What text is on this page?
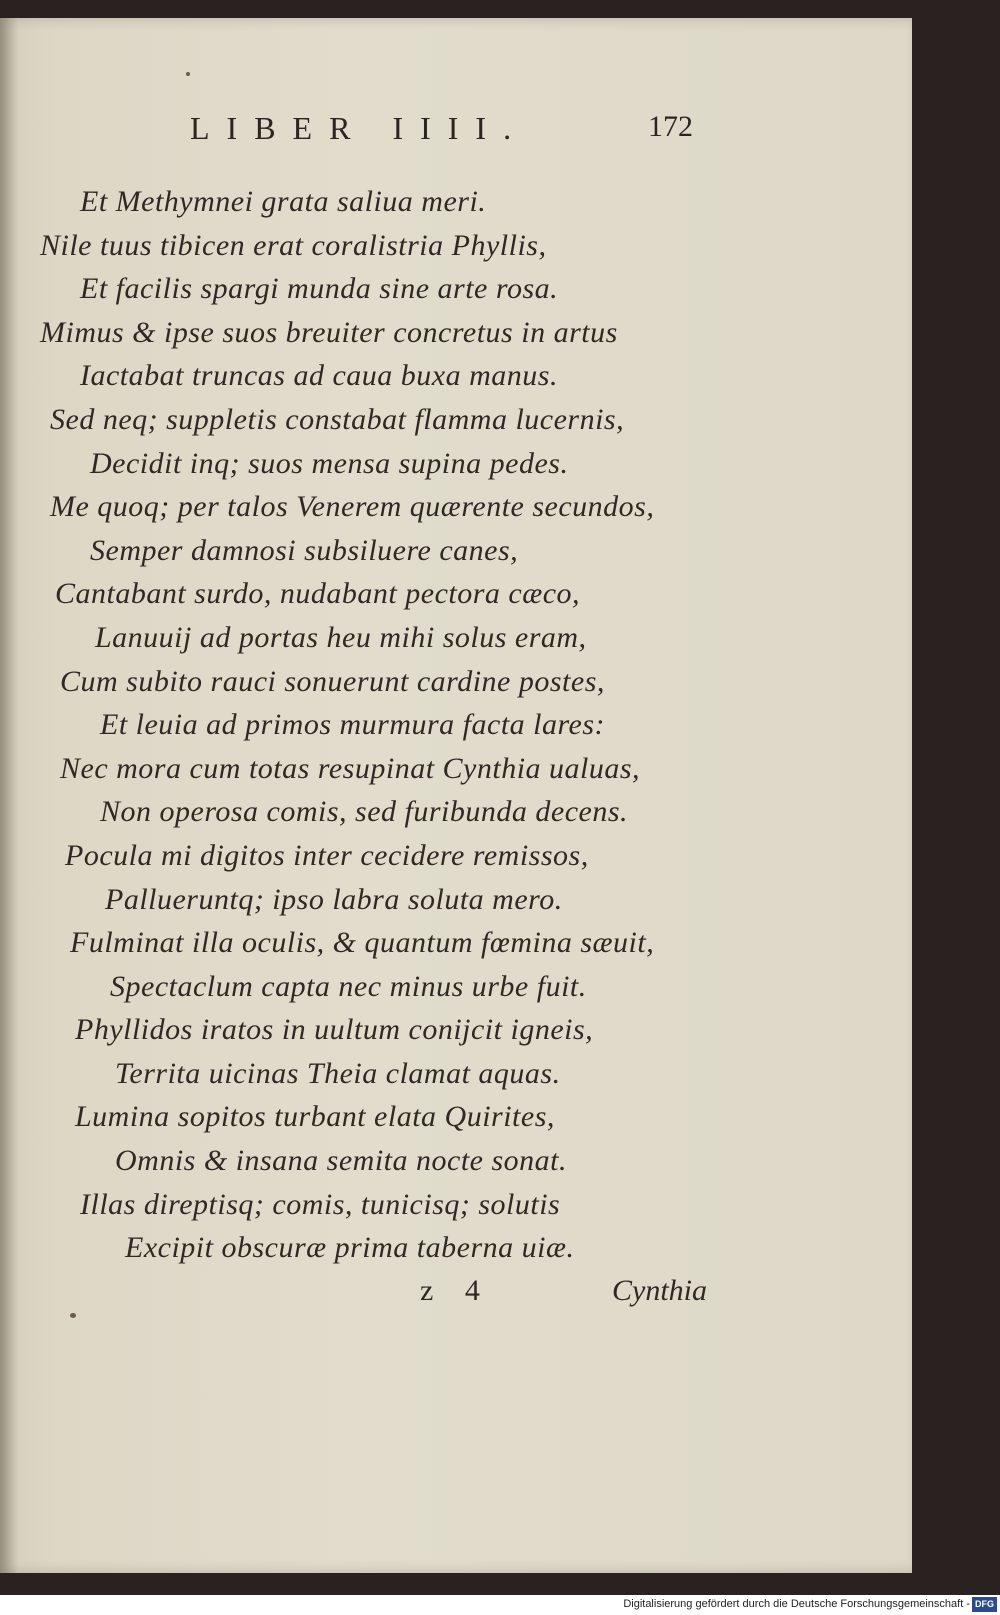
LIBER IIII.	172
Et Methymnei grata saliua meri.
Nile tuus tibicen erat coralistria Phyllis,
Et facilis spargi munda sine arte rosa.
Mimus & ipse suos breuiter concretus in artus
Iactabat truncas ad caua buxa manus.
Sed neq; suppletis constabat flamma lucernis,
Decidit inq; suos mensa supina pedes.
Me quoq; per talos Venerem quærente secundos,
Semper damnosi subsiluere canes,
Cantabant surdo, nudabant pectora cæco,
Lanuuij ad portas heu mihi solus eram,
Cum subito rauci sonuerunt cardine postes,
Et leuia ad primos murmura facta lares:
Nec mora cum totas resupinat Cynthia ualuas,
Non operosa comis, sed furibunda decens.
Pocula mi digitos inter cecidere remissos,
Pallueruntq; ipso labra soluta mero.
Fulminat illa oculis, & quantum fœmina sæuit,
Spectaclum capta nec minus urbe fuit.
Phyllidos iratos in uultum conijcit igneis,
Territa uicinas Theia clamat aquas.
Lumina sopitos turbant elata Quirites,
Omnis & insana semita nocte sonat.
Illas direptisq; comis, tunicisq; solutis
Excipit obscuræ prima taberna uiæ.
z 4	Cynthia
Digitalisierung gefördert durch die Deutsche Forschungsgemeinschaft - DFG
